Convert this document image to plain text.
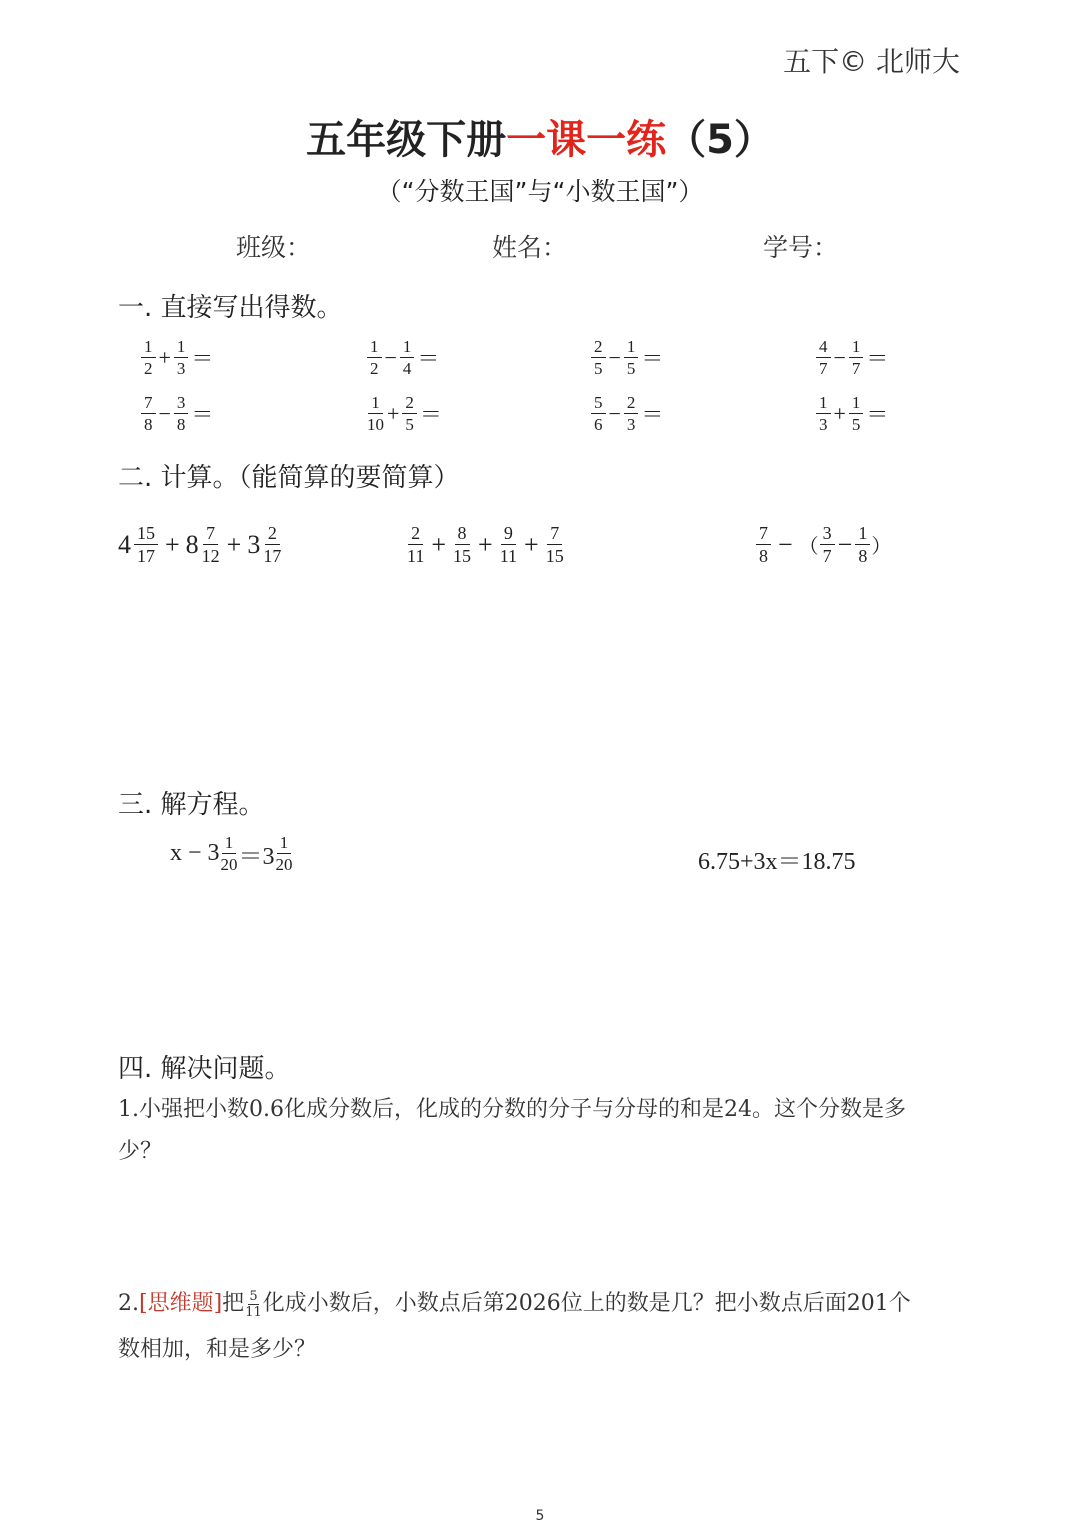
五下© 北师大
五年级下册一课一练（5）
（“分数王国”与“小数王国”）
班级：	姓名：	学号：
一. 直接写出得数。
$\frac{1}{2} + \frac{1}{3}$ ＝	$\frac{1}{2} - \frac{1}{4}$ ＝	$\frac{2}{5} - \frac{1}{5}$ ＝	$\frac{4}{7} - \frac{1}{7}$ ＝
$\frac{7}{8} - \frac{3}{8}$ ＝	$\frac{1}{10} + \frac{2}{5}$ ＝	$\frac{5}{6} - \frac{2}{3}$ ＝	$\frac{1}{3} + \frac{1}{5}$ ＝
二. 计算。（能简算的要简算）
$4 \frac{15}{17} + 8 \frac{7}{12} + 3 \frac{2}{17}$	$\frac{2}{11} + \frac{8}{15} + \frac{9}{11} + \frac{7}{15}$	$\frac{7}{8}$ − （ $\frac{3}{7} - \frac{1}{8}$ ）
三. 解方程。
$x - 3 \frac{1}{20} =3 \frac{1}{20}$	6.75+3x＝18.75
四. 解决问题。
1.小强把小数0.6化成分数后，化成的分数的分子与分母的和是24。这个分数是多
少？
2.[思维题]把 $\frac{5}{11}$ 化成小数后，小数点后第2026位上的数是几？把小数点后面201个
数相加，和是多少？
5
